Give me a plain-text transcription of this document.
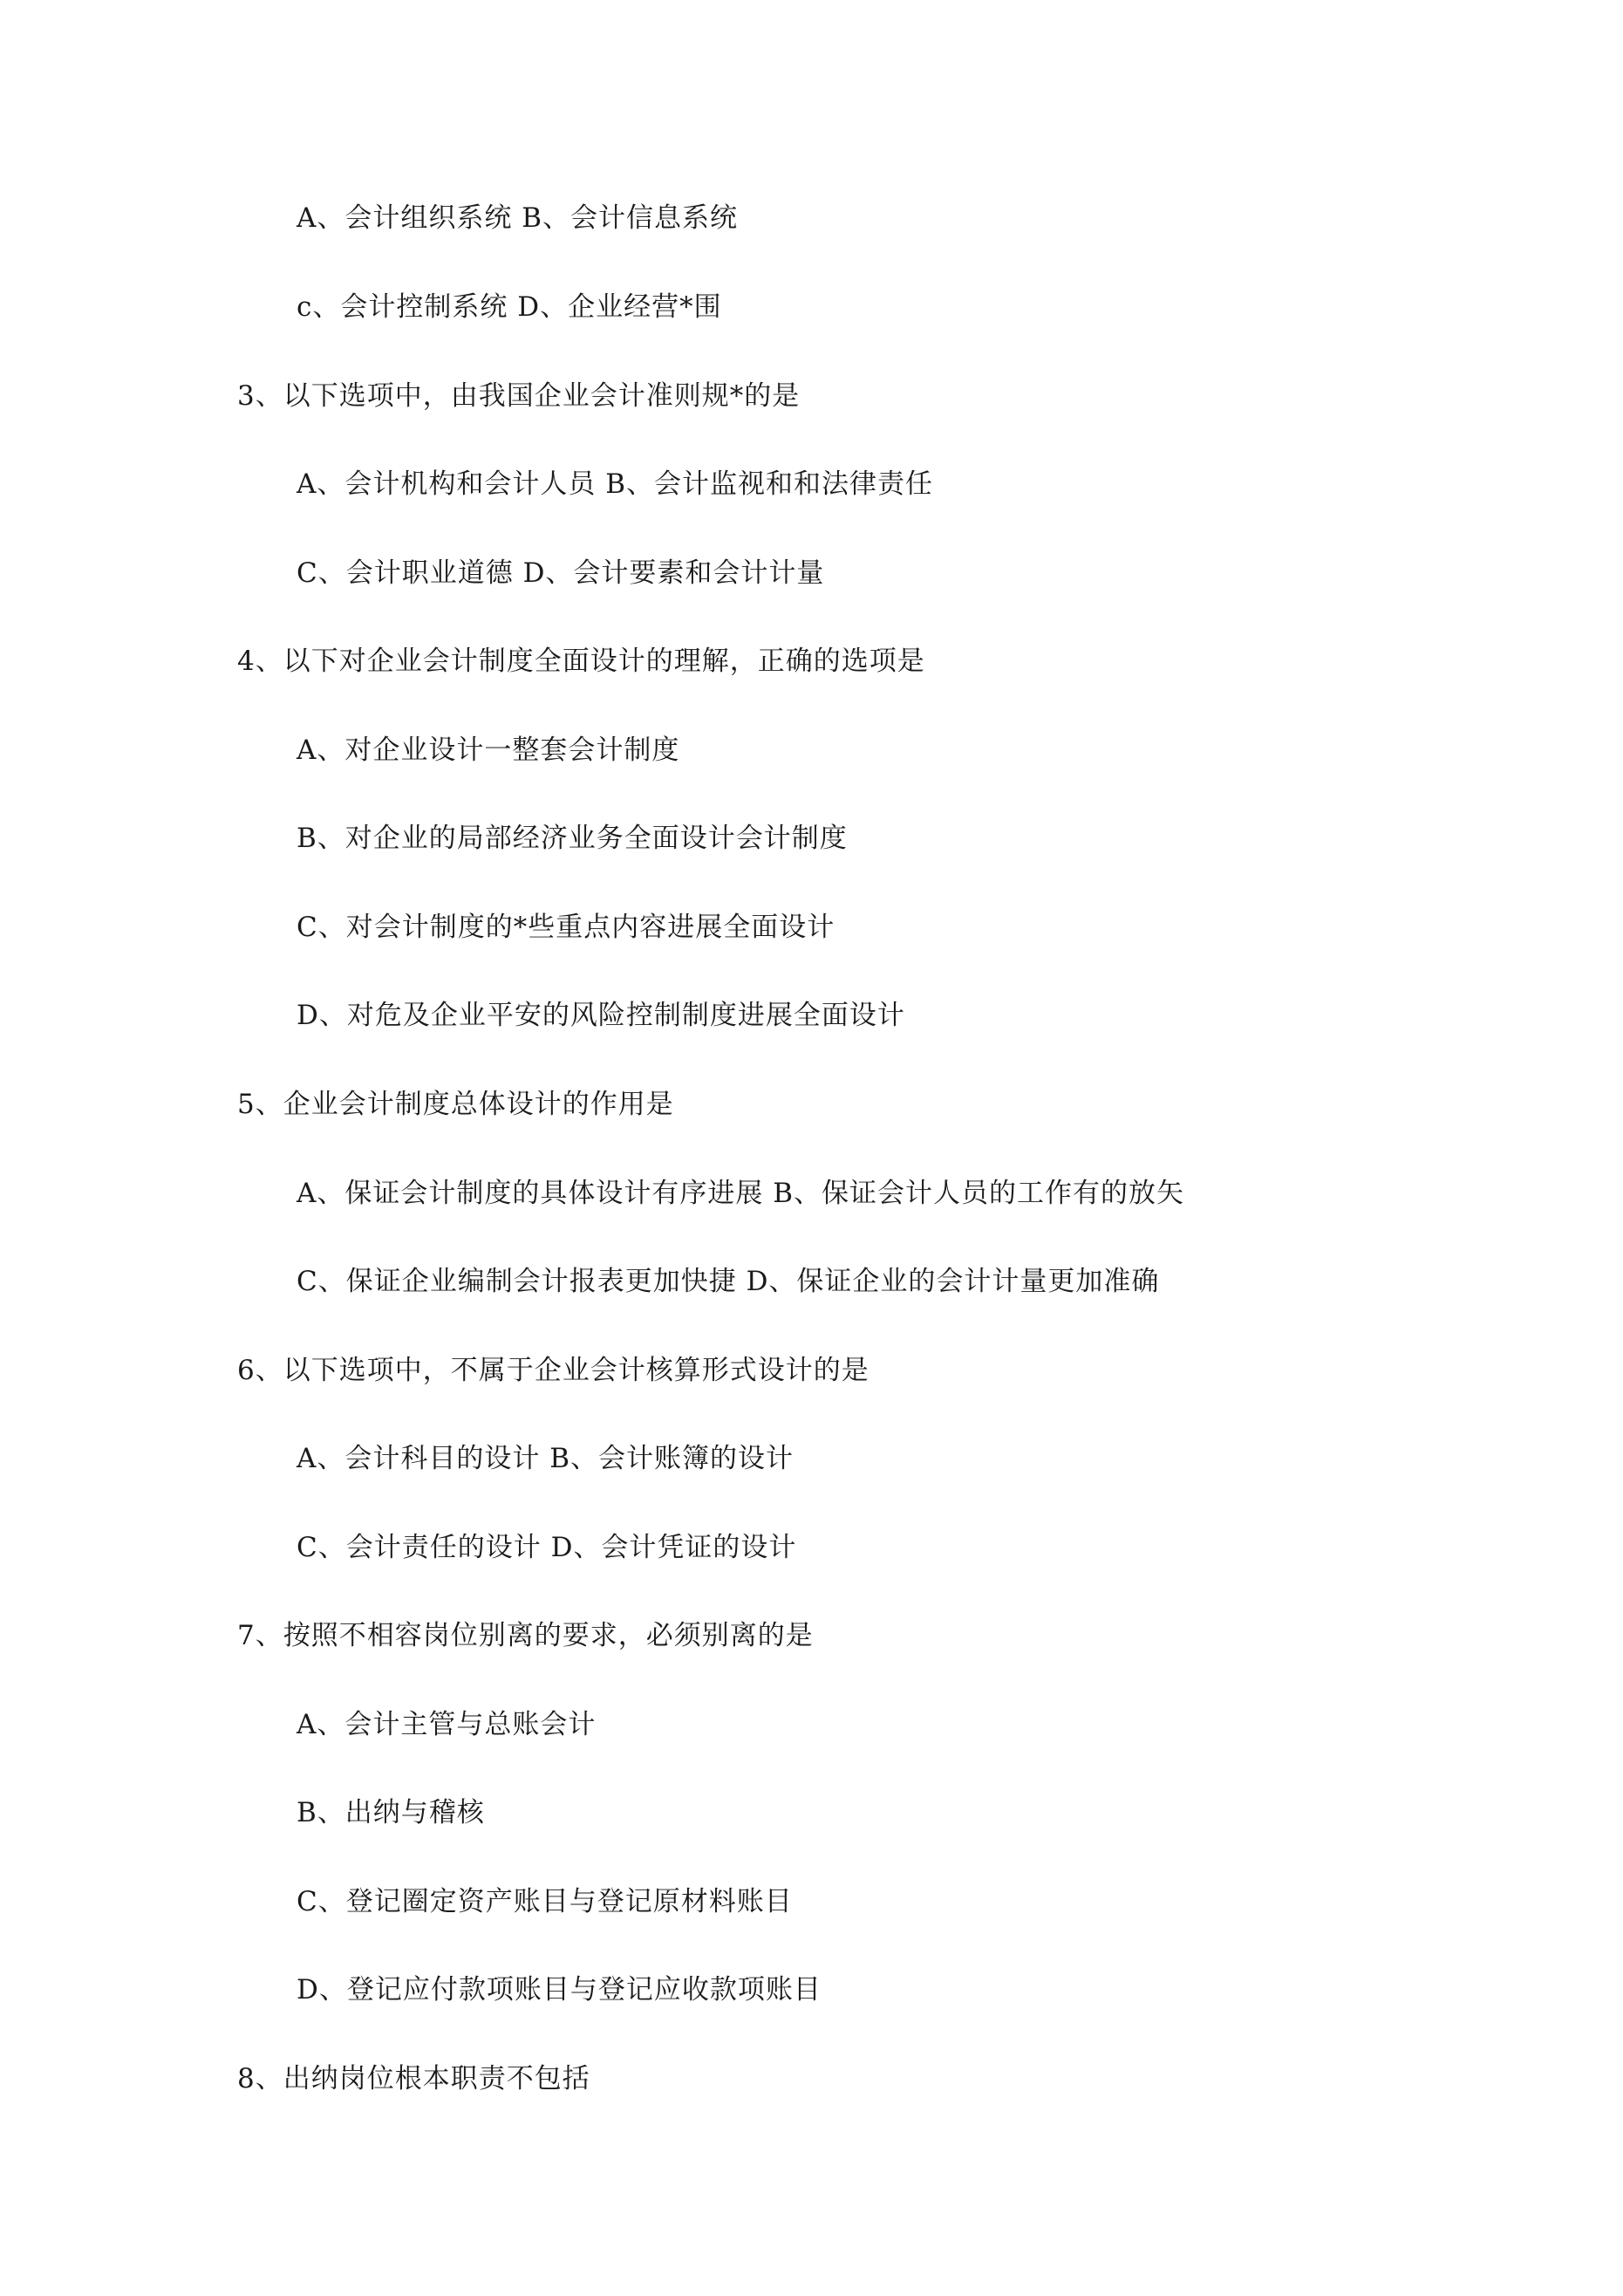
A、会计组织系统 B、会计信息系统
c、会计控制系统 D、企业经营*围
3、以下选项中，由我国企业会计准则规*的是
A、会计机构和会计人员 B、会计监视和和法律责任
C、会计职业道德 D、会计要素和会计计量
4、以下对企业会计制度全面设计的理解，正确的选项是
A、对企业设计一整套会计制度
B、对企业的局部经济业务全面设计会计制度
C、对会计制度的*些重点内容进展全面设计
D、对危及企业平安的风险控制制度进展全面设计
5、企业会计制度总体设计的作用是
A、保证会计制度的具体设计有序进展 B、保证会计人员的工作有的放矢
C、保证企业编制会计报表更加快捷 D、保证企业的会计计量更加准确
6、以下选项中，不属于企业会计核算形式设计的是
A、会计科目的设计 B、会计账簿的设计
C、会计责任的设计 D、会计凭证的设计
7、按照不相容岗位别离的要求，必须别离的是
A、会计主管与总账会计
B、出纳与稽核
C、登记圈定资产账目与登记原材料账目
D、登记应付款项账目与登记应收款项账目
8、出纳岗位根本职责不包括
